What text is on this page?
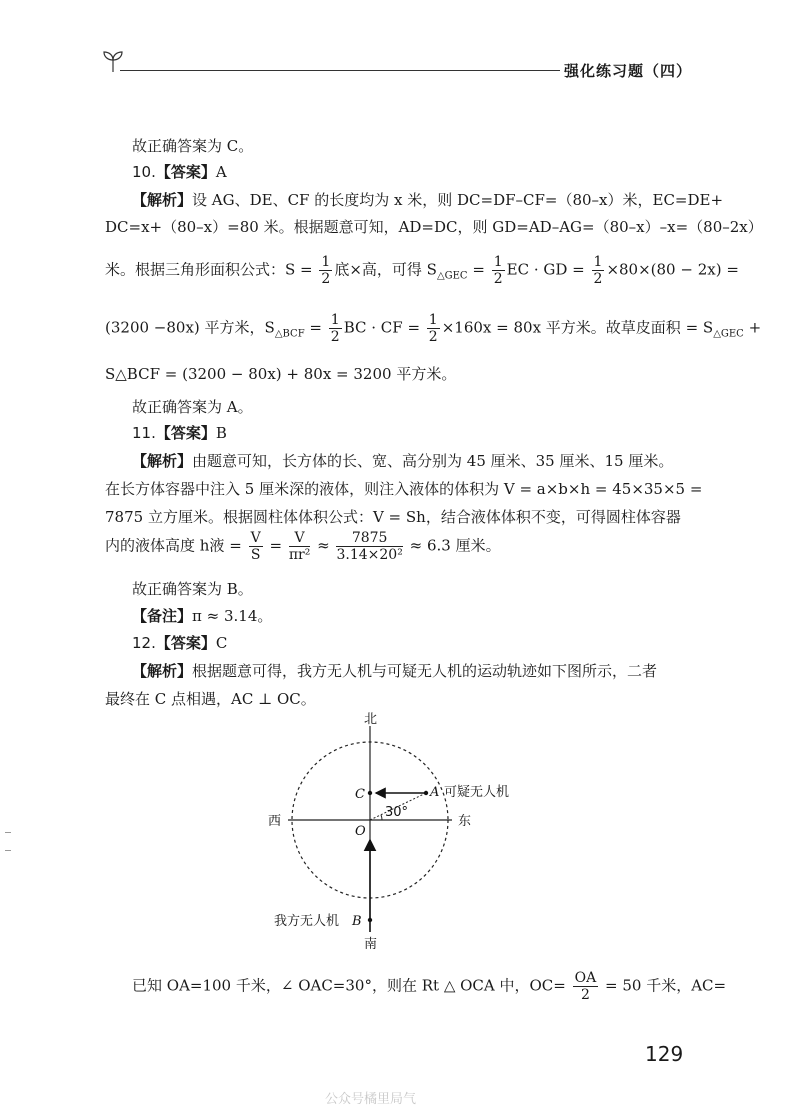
强化练习题（四）
故正确答案为 C。
10.【答案】A
【解析】设 AG、DE、CF 的长度均为 x 米，则 DC=DF–CF=（80–x）米，EC=DE+
DC=x+（80–x）=80 米。根据题意可知，AD=DC，则 GD=AD–AG=（80–x）–x=（80–2x）
米。根据三角形面积公式：$S = \frac{1}{2}$ 底×高，可得 $S_{\triangle GEC} = \frac{1}{2}$ EC · GD = $\frac{1}{2} \times 80\times(80 - 2x)$ =
(3200 −80x) 平方米，$S_{\triangle BCF} = \frac{1}{2}$ BC · CF = $\frac{1}{2} \times 160x = 80x$ 平方米。故草皮面积 = $S_{\triangle GEC}$ +
S△BCF = (3200 − 80x) + 80x = 3200 平方米。
故正确答案为 A。
11.【答案】B
【解析】由题意可知，长方体的长、宽、高分别为 45 厘米、35 厘米、15 厘米。
在长方体容器中注入 5 厘米深的液体，则注入液体的体积为 V = a×b×h = 45×35×5 =
7875 立方厘米。根据圆柱体体积公式：V = Sh，结合液体体积不变，可得圆柱体容器
内的液体高度 h液 = $\frac{V}{S} = \frac{V}{\text{πr²}} \approx \frac{7875}{\text{3.14×20²}} \approx 6.3$ 厘米。
故正确答案为 B。
【备注】π ≈ 3.14。
12.【答案】C
【解析】根据题意可得，我方无人机与可疑无人机的运动轨迹如下图所示，二者
最终在 C 点相遇，AC ⊥ OC。
北
南
西	东
C	A
O
可疑无人机
30°
我方无人机 B
已知 OA=100 千米，∠ OAC=30°，则在 Rt △ OCA 中，$OC= \frac{OA}{2} = 50$ 千米，AC=
129
公众号橘里局气
